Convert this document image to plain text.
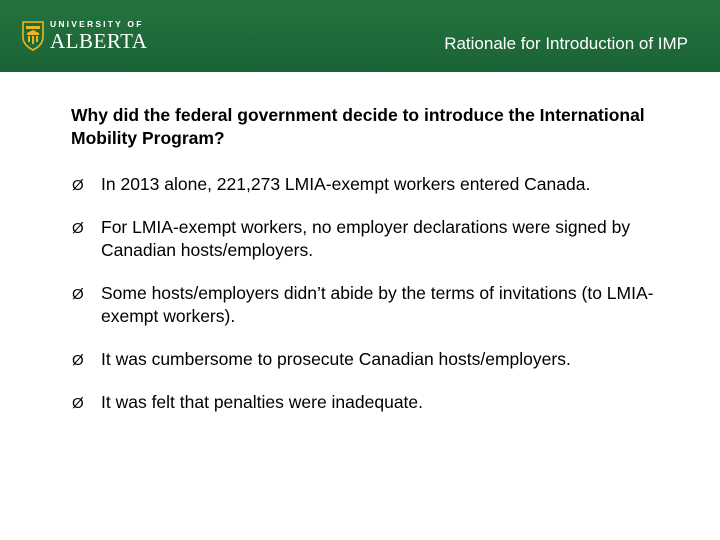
UNIVERSITY OF
ALBERTA	Rationale for Introduction of IMP

Why did the federal government decide to introduce the International Mobility Program?

Ø In 2013 alone, 221,273 LMIA-exempt workers entered Canada.
Ø For LMIA-exempt workers, no employer declarations were signed by Canadian hosts/employers.
Ø Some hosts/employers didn’t abide by the terms of invitations (to LMIA-exempt workers).
Ø It was cumbersome to prosecute Canadian hosts/employers.
Ø It was felt that penalties were inadequate.
